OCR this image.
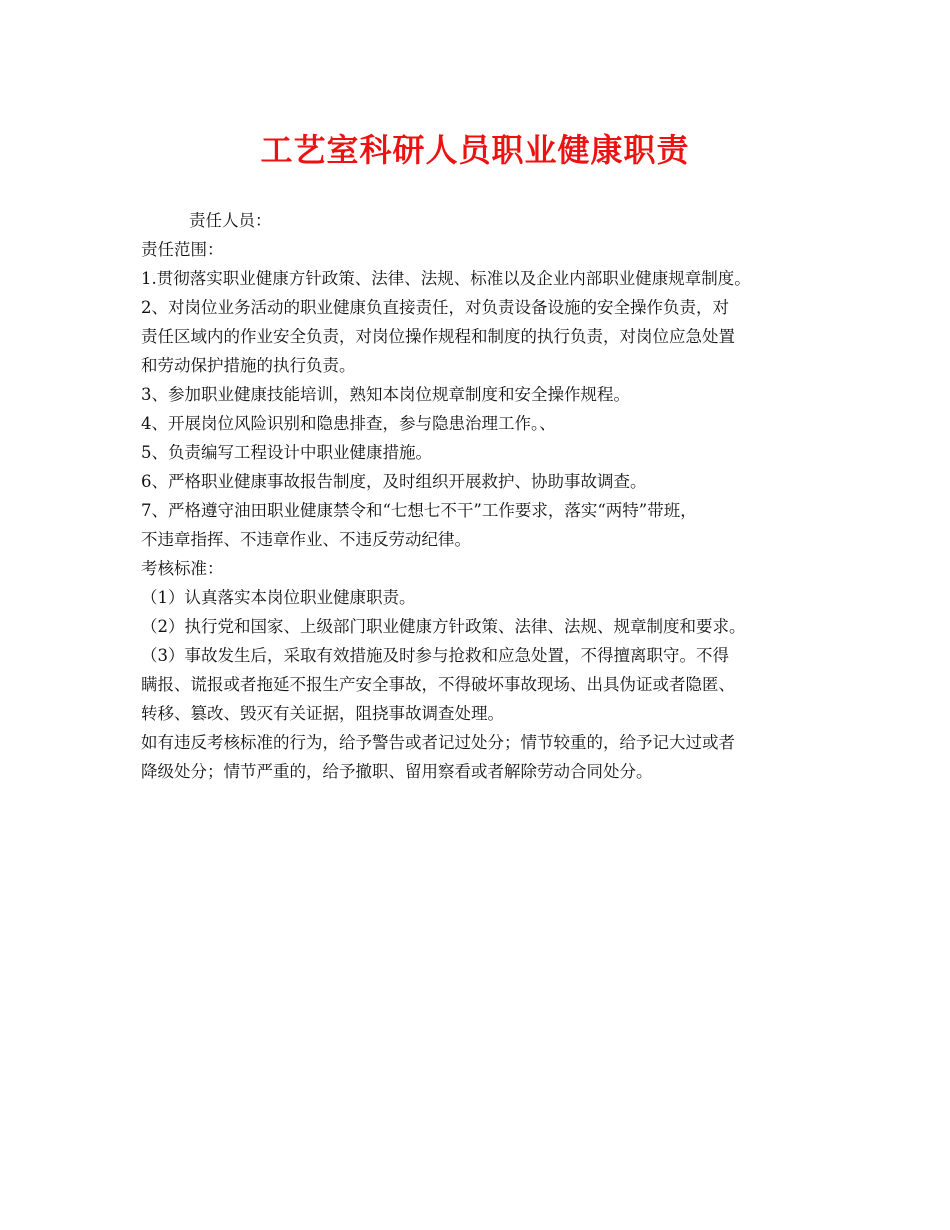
工艺室科研人员职业健康职责
责任人员：
责任范围：
1.贯彻落实职业健康方针政策、法律、法规、标准以及企业内部职业健康规章制度。
2、对岗位业务活动的职业健康负直接责任，对负责设备设施的安全操作负责，对
责任区域内的作业安全负责，对岗位操作规程和制度的执行负责，对岗位应急处置
和劳动保护措施的执行负责。
3、参加职业健康技能培训，熟知本岗位规章制度和安全操作规程。
4、开展岗位风险识别和隐患排查，参与隐患治理工作。、
5、负责编写工程设计中职业健康措施。
6、严格职业健康事故报告制度，及时组织开展救护、协助事故调查。
7、严格遵守油田职业健康禁令和“七想七不干”工作要求，落实“两特”带班，
不违章指挥、不违章作业、不违反劳动纪律。
考核标准：
（1）认真落实本岗位职业健康职责。
（2）执行党和国家、上级部门职业健康方针政策、法律、法规、规章制度和要求。
（3）事故发生后，采取有效措施及时参与抢救和应急处置，不得擅离职守。不得
瞒报、谎报或者拖延不报生产安全事故，不得破坏事故现场、出具伪证或者隐匿、
转移、篡改、毁灭有关证据，阻挠事故调查处理。
如有违反考核标准的行为，给予警告或者记过处分；情节较重的，给予记大过或者
降级处分；情节严重的，给予撤职、留用察看或者解除劳动合同处分。
